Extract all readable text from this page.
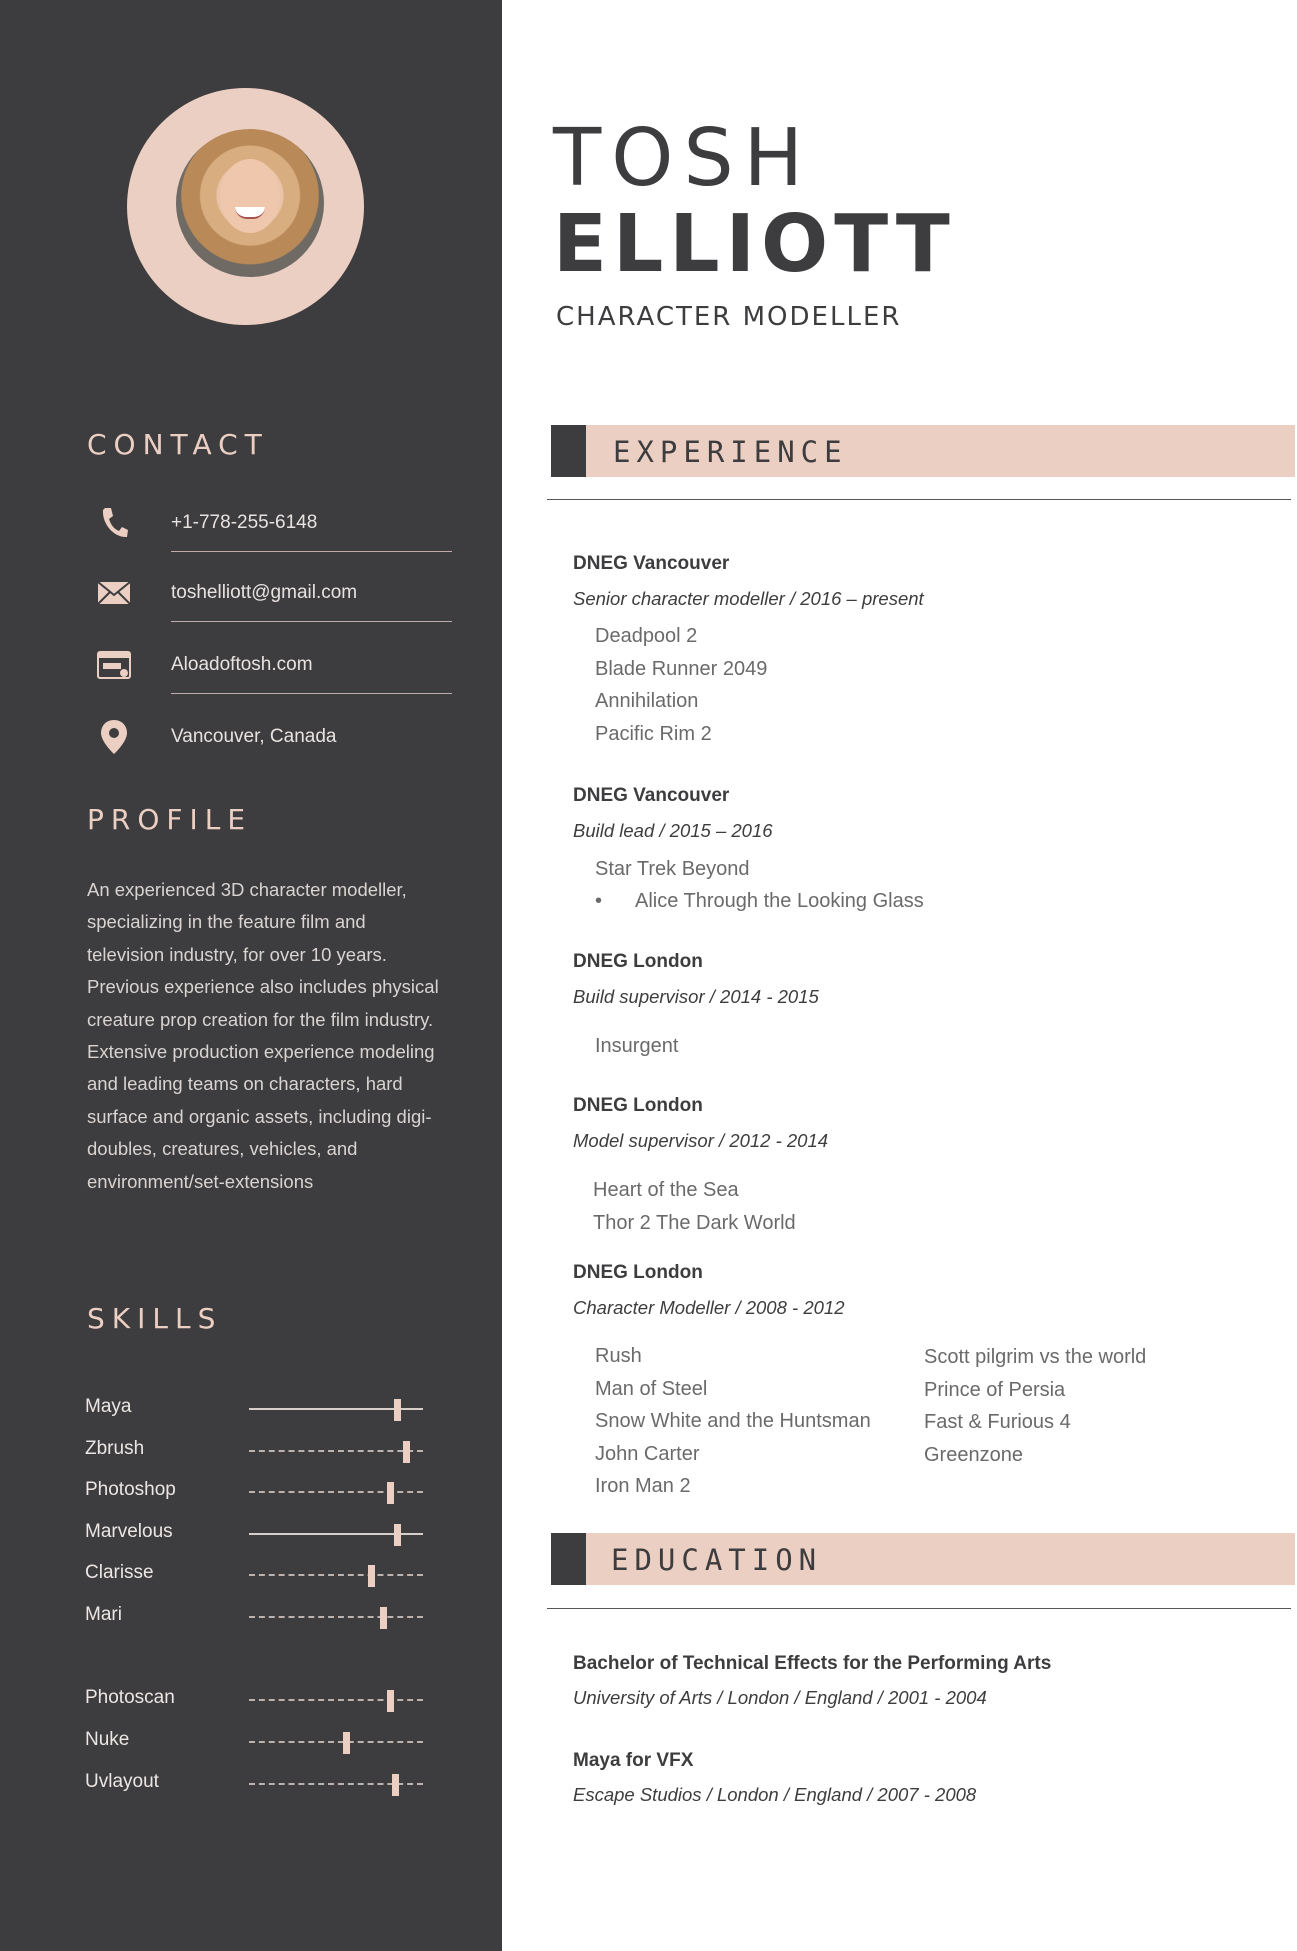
CONTACT
+1-778-255-6148
toshelliott@gmail.com
Aloadoftosh.com
Vancouver, Canada
PROFILE
An experienced 3D character modeller, specializing in the feature film and television industry, for over 10 years. Previous experience also includes physical creature prop creation for the film industry. Extensive production experience modeling and leading teams on characters, hard surface and organic assets, including digi-doubles, creatures, vehicles, and environment/set-extensions
SKILLS
Maya
Zbrush
Photoshop
Marvelous
Clarisse
Mari
Photoscan
Nuke
Uvlayout
TOSH
ELLIOTT
CHARACTER MODELLER
EXPERIENCE
DNEG Vancouver
Senior character modeller / 2016 – present
Deadpool 2
Blade Runner 2049
Annihilation
Pacific Rim 2
DNEG Vancouver
Build lead / 2015 – 2016
Star Trek Beyond
• Alice Through the Looking Glass
DNEG London
Build supervisor / 2014 - 2015
Insurgent
DNEG London
Model supervisor / 2012 - 2014
Heart of the Sea
Thor 2 The Dark World
DNEG London
Character Modeller / 2008 - 2012
Rush
Man of Steel
Snow White and the Huntsman
John Carter
Iron Man 2
Scott pilgrim vs the world
Prince of Persia
Fast & Furious 4
Greenzone
EDUCATION
Bachelor of Technical Effects for the Performing Arts
University of Arts / London / England / 2001 - 2004
Maya for VFX
Escape Studios / London / England / 2007 - 2008
